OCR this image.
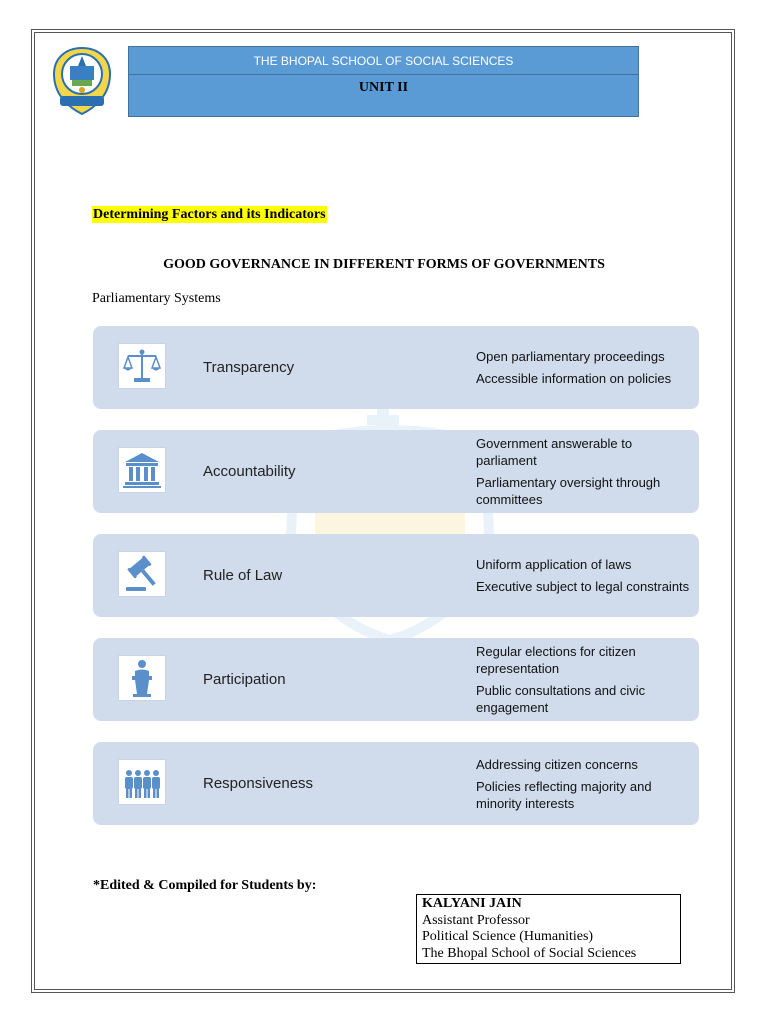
THE BHOPAL SCHOOL OF SOCIAL SCIENCES
UNIT II
Determining Factors and its Indicators
GOOD GOVERNANCE IN DIFFERENT FORMS OF GOVERNMENTS
Parliamentary Systems
Transparency
Open parliamentary proceedings
Accessible information on policies
Accountability
Government answerable to parliament
Parliamentary oversight through committees
Rule of Law
Uniform application of laws
Executive subject to legal constraints
Participation
Regular elections for citizen representation
Public consultations and civic engagement
Responsiveness
Addressing citizen concerns
Policies reflecting majority and minority interests
*Edited & Compiled for Students by:
KALYANI JAIN
Assistant Professor
Political Science (Humanities)
The Bhopal School of Social Sciences
